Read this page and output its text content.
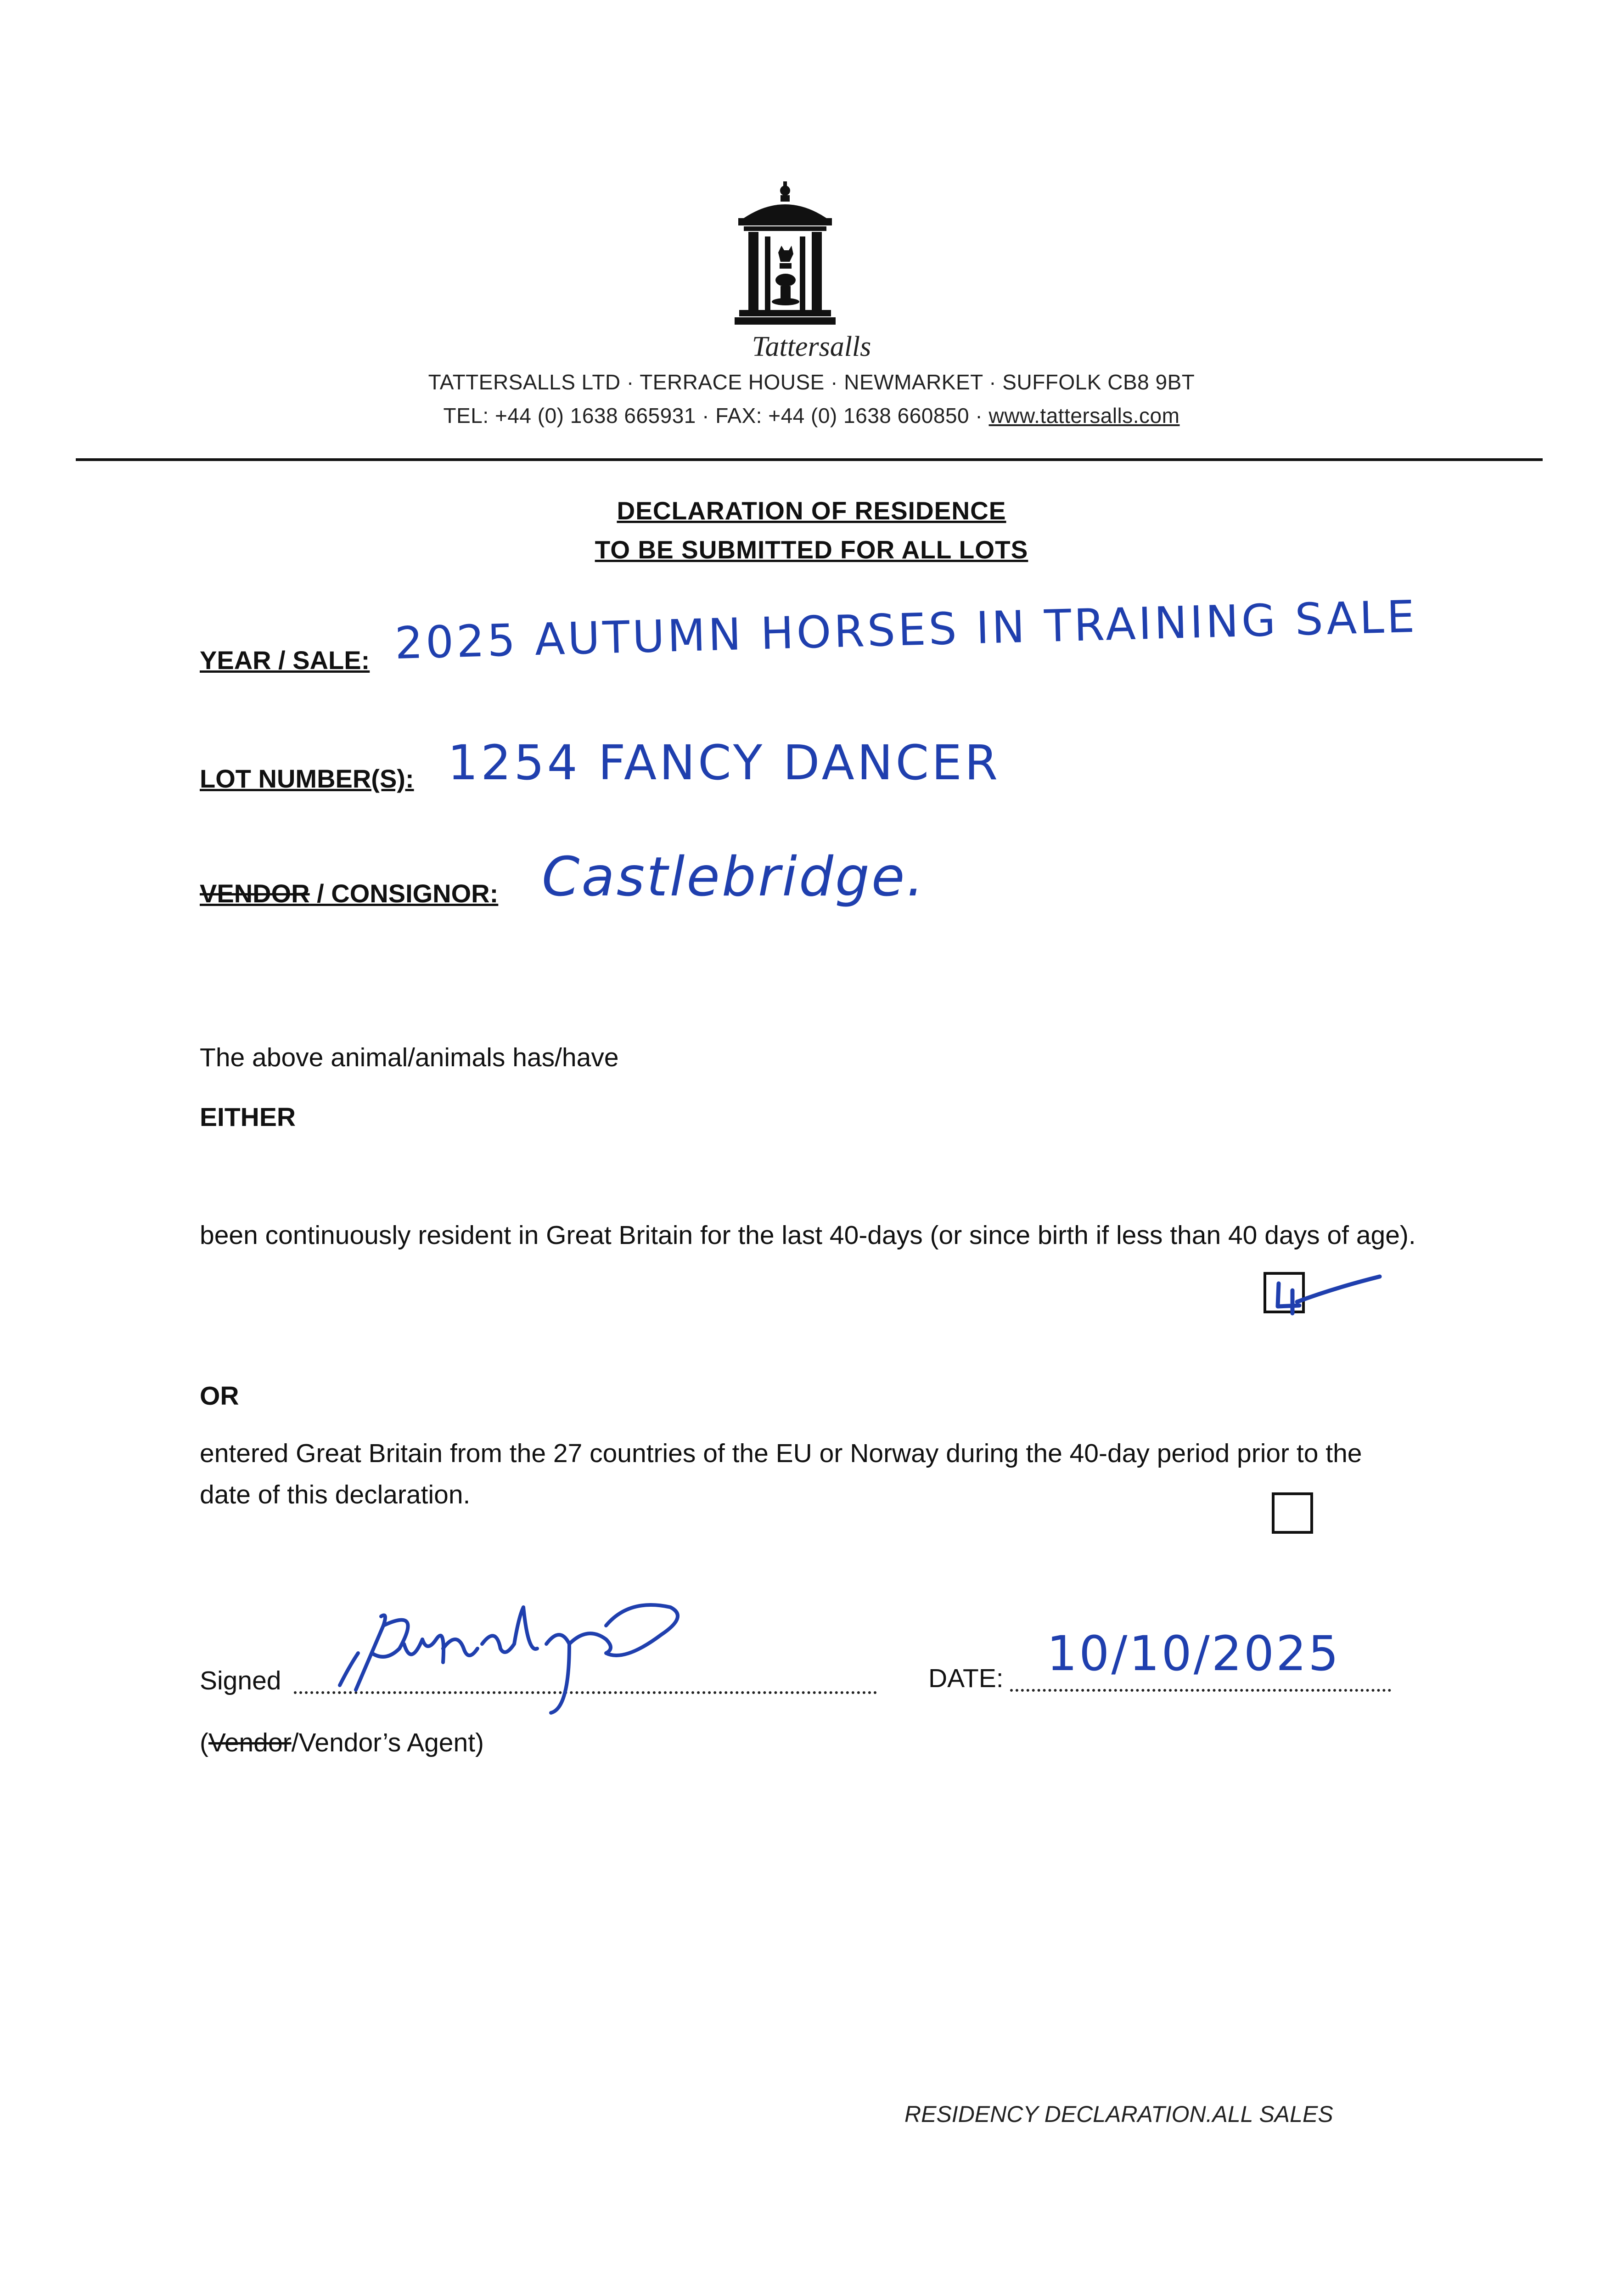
Tattersalls
TATTERSALLS LTD · TERRACE HOUSE · NEWMARKET · SUFFOLK CB8 9BT
TEL: +44 (0) 1638 665931 · FAX: +44 (0) 1638 660850 · www.tattersalls.com
DECLARATION OF RESIDENCE
TO BE SUBMITTED FOR ALL LOTS
YEAR / SALE: 2025 AUTUMN HORSES IN TRAINING SALE
LOT NUMBER(S): 1254 FANCY DANCER
VENDOR / CONSIGNOR: Castlebridge.
The above animal/animals has/have
EITHER
been continuously resident in Great Britain for the last 40-days (or since birth if less than 40 days of age).
OR
entered Great Britain from the 27 countries of the EU or Norway during the 40-day period prior to the date of this declaration.
Signed	DATE: 10/10/2025
(Vendor/Vendor’s Agent)
RESIDENCY DECLARATION.ALL SALES
